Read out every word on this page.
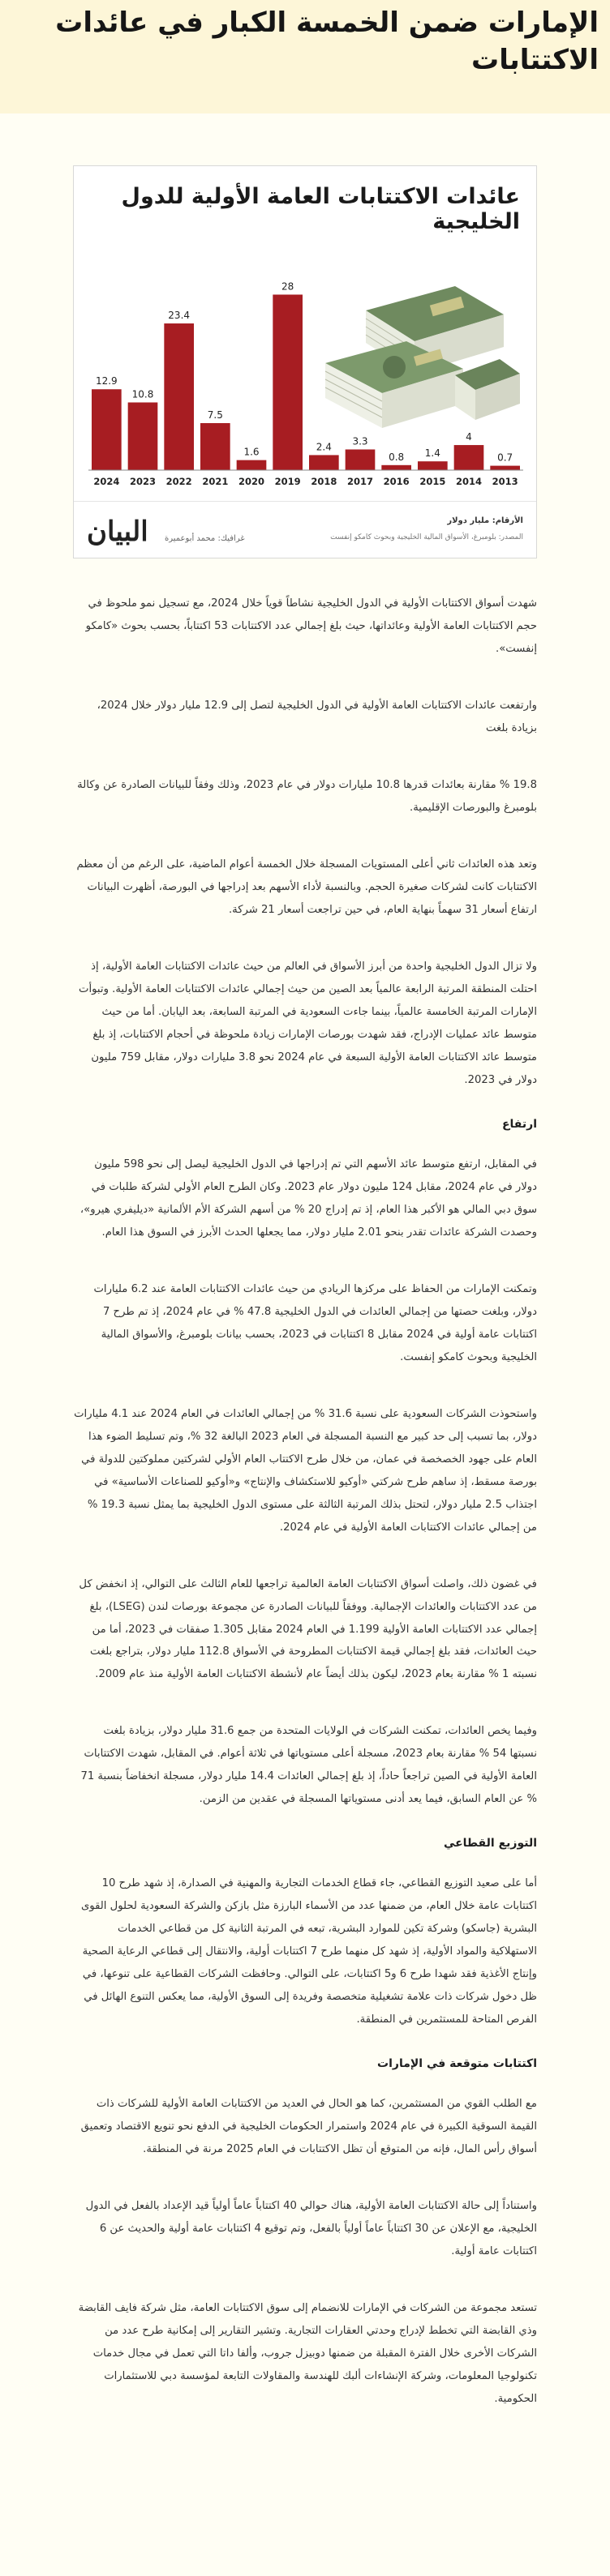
الإمارات ضمن الخمسة الكبار في عائدات الاكتتابات
عائدات الاكتتابات العامة الأولية للدول الخليجية
12.9
2024
10.8
2023
23.4
2022
7.5
2021
1.6
2020
28
2019
2.4
2018
3.3
2017
0.8
2016
1.4
2015
4
2014
0.7
2013
الأرقام: مليار دولار
المصدر: بلومبرغ، الأسواق المالية الخليجية وبحوث كامكو إنفست
غرافيك: محمد أبوعميرة
البيان

شهدت أسواق الاكتتابات الأولية في الدول الخليجية نشاطاً قوياً خلال 2024، مع تسجيل نمو ملحوظ في حجم الاكتتابات العامة الأولية وعائداتها، حيث بلغ إجمالي عدد الاكتتابات 53 اكتتاباً، بحسب بحوث «كامكو إنفست».

وارتفعت عائدات الاكتتابات العامة الأولية في الدول الخليجية لتصل إلى 12.9 مليار دولار خلال 2024، بزيادة بلغت

19.8 % مقارنة بعائدات قدرها 10.8 مليارات دولار في عام 2023، وذلك وفقاً للبيانات الصادرة عن وكالة بلومبرغ والبورصات الإقليمية.

وتعد هذه العائدات ثاني أعلى المستويات المسجلة خلال الخمسة أعوام الماضية، على الرغم من أن معظم الاكتتابات كانت لشركات صغيرة الحجم. وبالنسبة لأداء الأسهم بعد إدراجها في البورصة، أظهرت البيانات ارتفاع أسعار 31 سهماً بنهاية العام، في حين تراجعت أسعار 21 شركة.

ولا تزال الدول الخليجية واحدة من أبرز الأسواق في العالم من حيث عائدات الاكتتابات العامة الأولية، إذ احتلت المنطقة المرتبة الرابعة عالمياً بعد الصين من حيث إجمالي عائدات الاكتتابات العامة الأولية. وتبوأت الإمارات المرتبة الخامسة عالمياً، بينما جاءت السعودية في المرتبة السابعة، بعد اليابان. أما من حيث متوسط عائد عمليات الإدراج، فقد شهدت بورصات الإمارات زيادة ملحوظة في أحجام الاكتتابات، إذ بلغ متوسط عائد الاكتتابات العامة الأولية السبعة في عام 2024 نحو 3.8 مليارات دولار، مقابل 759 مليون دولار في 2023.

ارتفاع

في المقابل، ارتفع متوسط عائد الأسهم التي تم إدراجها في الدول الخليجية ليصل إلى نحو 598 مليون دولار في عام 2024، مقابل 124 مليون دولار عام 2023. وكان الطرح العام الأولي لشركة طلبات في سوق دبي المالي هو الأكبر هذا العام، إذ تم إدراج 20 % من أسهم الشركة الأم الألمانية «ديليفري هيرو»، وحصدت الشركة عائدات تقدر بنحو 2.01 مليار دولار، مما يجعلها الحدث الأبرز في السوق هذا العام.

وتمكنت الإمارات من الحفاظ على مركزها الريادي من حيث عائدات الاكتتابات العامة عند 6.2 مليارات دولار، وبلغت حصتها من إجمالي العائدات في الدول الخليجية 47.8 % في عام 2024، إذ تم طرح 7 اكتتابات عامة أولية في 2024 مقابل 8 اكتتابات في 2023، بحسب بيانات بلومبرغ، والأسواق المالية الخليجية وبحوث كامكو إنفست.

واستحوذت الشركات السعودية على نسبة 31.6 % من إجمالي العائدات في العام 2024 عند 4.1 مليارات دولار، بما تسبب إلى حد كبير مع النسبة المسجلة في العام 2023 البالغة 32 %، وتم تسليط الضوء هذا العام على جهود الخصخصة في عمان، من خلال طرح الاكتتاب العام الأولي لشركتين مملوكتين للدولة في بورصة مسقط، إذ ساهم طرح شركتي «أوكيو للاستكشاف والإنتاج» و«أوكيو للصناعات الأساسية» في اجتذاب 2.5 مليار دولار، لتحتل بذلك المرتبة الثالثة على مستوى الدول الخليجية بما يمثل نسبة 19.3 % من إجمالي عائدات الاكتتابات العامة الأولية في عام 2024.

في غضون ذلك، واصلت أسواق الاكتتابات العامة العالمية تراجعها للعام الثالث على التوالي، إذ انخفض كل من عدد الاكتتابات والعائدات الإجمالية. ووفقاً للبيانات الصادرة عن مجموعة بورصات لندن (LSEG)، بلغ إجمالي عدد الاكتتابات العامة الأولية 1.199 في العام 2024 مقابل 1.305 صفقات في 2023، أما من حيث العائدات، فقد بلغ إجمالي قيمة الاكتتابات المطروحة في الأسواق 112.8 مليار دولار، بتراجع بلغت نسبته 1 % مقارنة بعام 2023، ليكون بذلك أيضاً عام لأنشطة الاكتتابات العامة الأولية منذ عام 2009.

وفيما يخص العائدات، تمكنت الشركات في الولايات المتحدة من جمع 31.6 مليار دولار، بزيادة بلغت نسبتها 54 % مقارنة بعام 2023، مسجلة أعلى مستوياتها في ثلاثة أعوام. في المقابل، شهدت الاكتتابات العامة الأولية في الصين تراجعاً حاداً، إذ بلغ إجمالي العائدات 14.4 مليار دولار، مسجلة انخفاضاً بنسبة 71 % عن العام السابق، فيما يعد أدنى مستوياتها المسجلة في عقدين من الزمن.

التوزيع القطاعي

أما على صعيد التوزيع القطاعي، جاء قطاع الخدمات التجارية والمهنية في الصدارة، إذ شهد طرح 10 اكتتابات عامة خلال العام، من ضمنها عدد من الأسماء البارزة مثل بازكن والشركة السعودية لحلول القوى البشرية (جاسكو) وشركة تكين للموارد البشرية، تبعه في المرتبة الثانية كل من قطاعي الخدمات الاستهلاكية والمواد الأولية، إذ شهد كل منهما طرح 7 اكتتابات أولية، والانتقال إلى قطاعي الرعاية الصحية وإنتاج الأغذية فقد شهدا طرح 6 و5 اكتتابات، على التوالي. وحافظت الشركات القطاعية على تنوعها، في ظل دخول شركات ذات علامة تشغيلية متخصصة وفريدة إلى السوق الأولية، مما يعكس التنوع الهائل في الفرص المتاحة للمستثمرين في المنطقة.

اكتتابات متوقعة في الإمارات

مع الطلب القوي من المستثمرين، كما هو الحال في العديد من الاكتتابات العامة الأولية للشركات ذات القيمة السوقية الكبيرة في عام 2024 واستمرار الحكومات الخليجية في الدفع نحو تنويع الاقتصاد وتعميق أسواق رأس المال، فإنه من المتوقع أن تظل الاكتتابات في العام 2025 مرنة في المنطقة.

واستناداً إلى حالة الاكتتابات العامة الأولية، هناك حوالي 40 اكتتاباً عاماً أولياً قيد الإعداد بالفعل في الدول الخليجية، مع الإعلان عن 30 اكتتاباً عاماً أولياً بالفعل، وتم توقيع 4 اكتتابات عامة أولية والحديث عن 6 اكتتابات عامة أولية.

تستعد مجموعة من الشركات في الإمارات للانضمام إلى سوق الاكتتابات العامة، مثل شركة فايف القابضة وذي القابضة التي تخطط لإدراج وحدتي العقارات التجارية. وتشير التقارير إلى إمكانية طرح عدد من الشركات الأخرى خلال الفترة المقبلة من ضمنها دوبيزل جروب، وألفا داتا التي تعمل في مجال خدمات تكنولوجيا المعلومات، وشركة الإنشاءات ألبك للهندسة والمقاولات التابعة لمؤسسة دبي للاستثمارات الحكومية.
